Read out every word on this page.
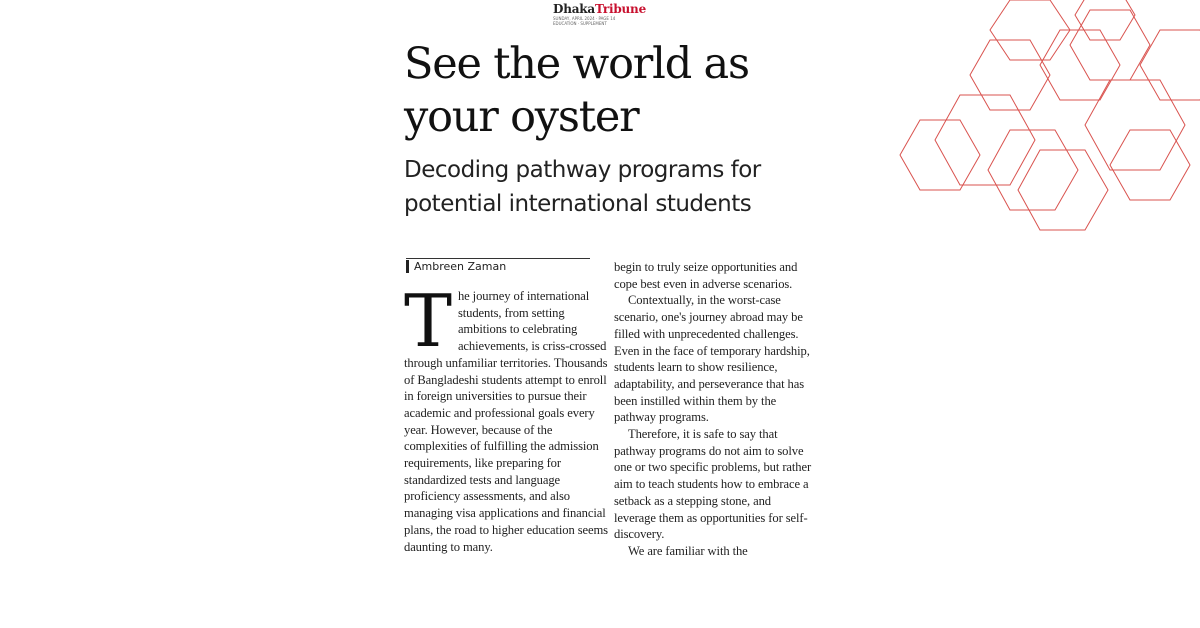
DhakaTribune
SUNDAY, APRIL 2024 · PAGE 14
EDUCATION · SUPPLEMENT
See the world as
your oyster
Decoding pathway programs for
potential international students
Ambreen Zaman

The journey of international students, from setting ambitions to celebrating achievements, is criss-crossed through unfamiliar territories. Thousands of Bangladeshi students attempt to enroll in foreign universities to pursue their academic and professional goals every year. However, because of the complexities of fulfilling the admission requirements, like preparing for standardized tests and language proficiency assessments, and also managing visa applications and financial plans, the road to higher education seems daunting to many.

begin to truly seize opportunities and cope best even in adverse scenarios.

Contextually, in the worst-case scenario, one's journey abroad may be filled with unprecedented challenges. Even in the face of temporary hardship, students learn to show resilience, adaptability, and perseverance that has been instilled within them by the pathway programs.

Therefore, it is safe to say that pathway programs do not aim to solve one or two specific problems, but rather aim to teach students how to embrace a setback as a stepping stone, and leverage them as opportunities for self-discovery.

We are familiar with the
